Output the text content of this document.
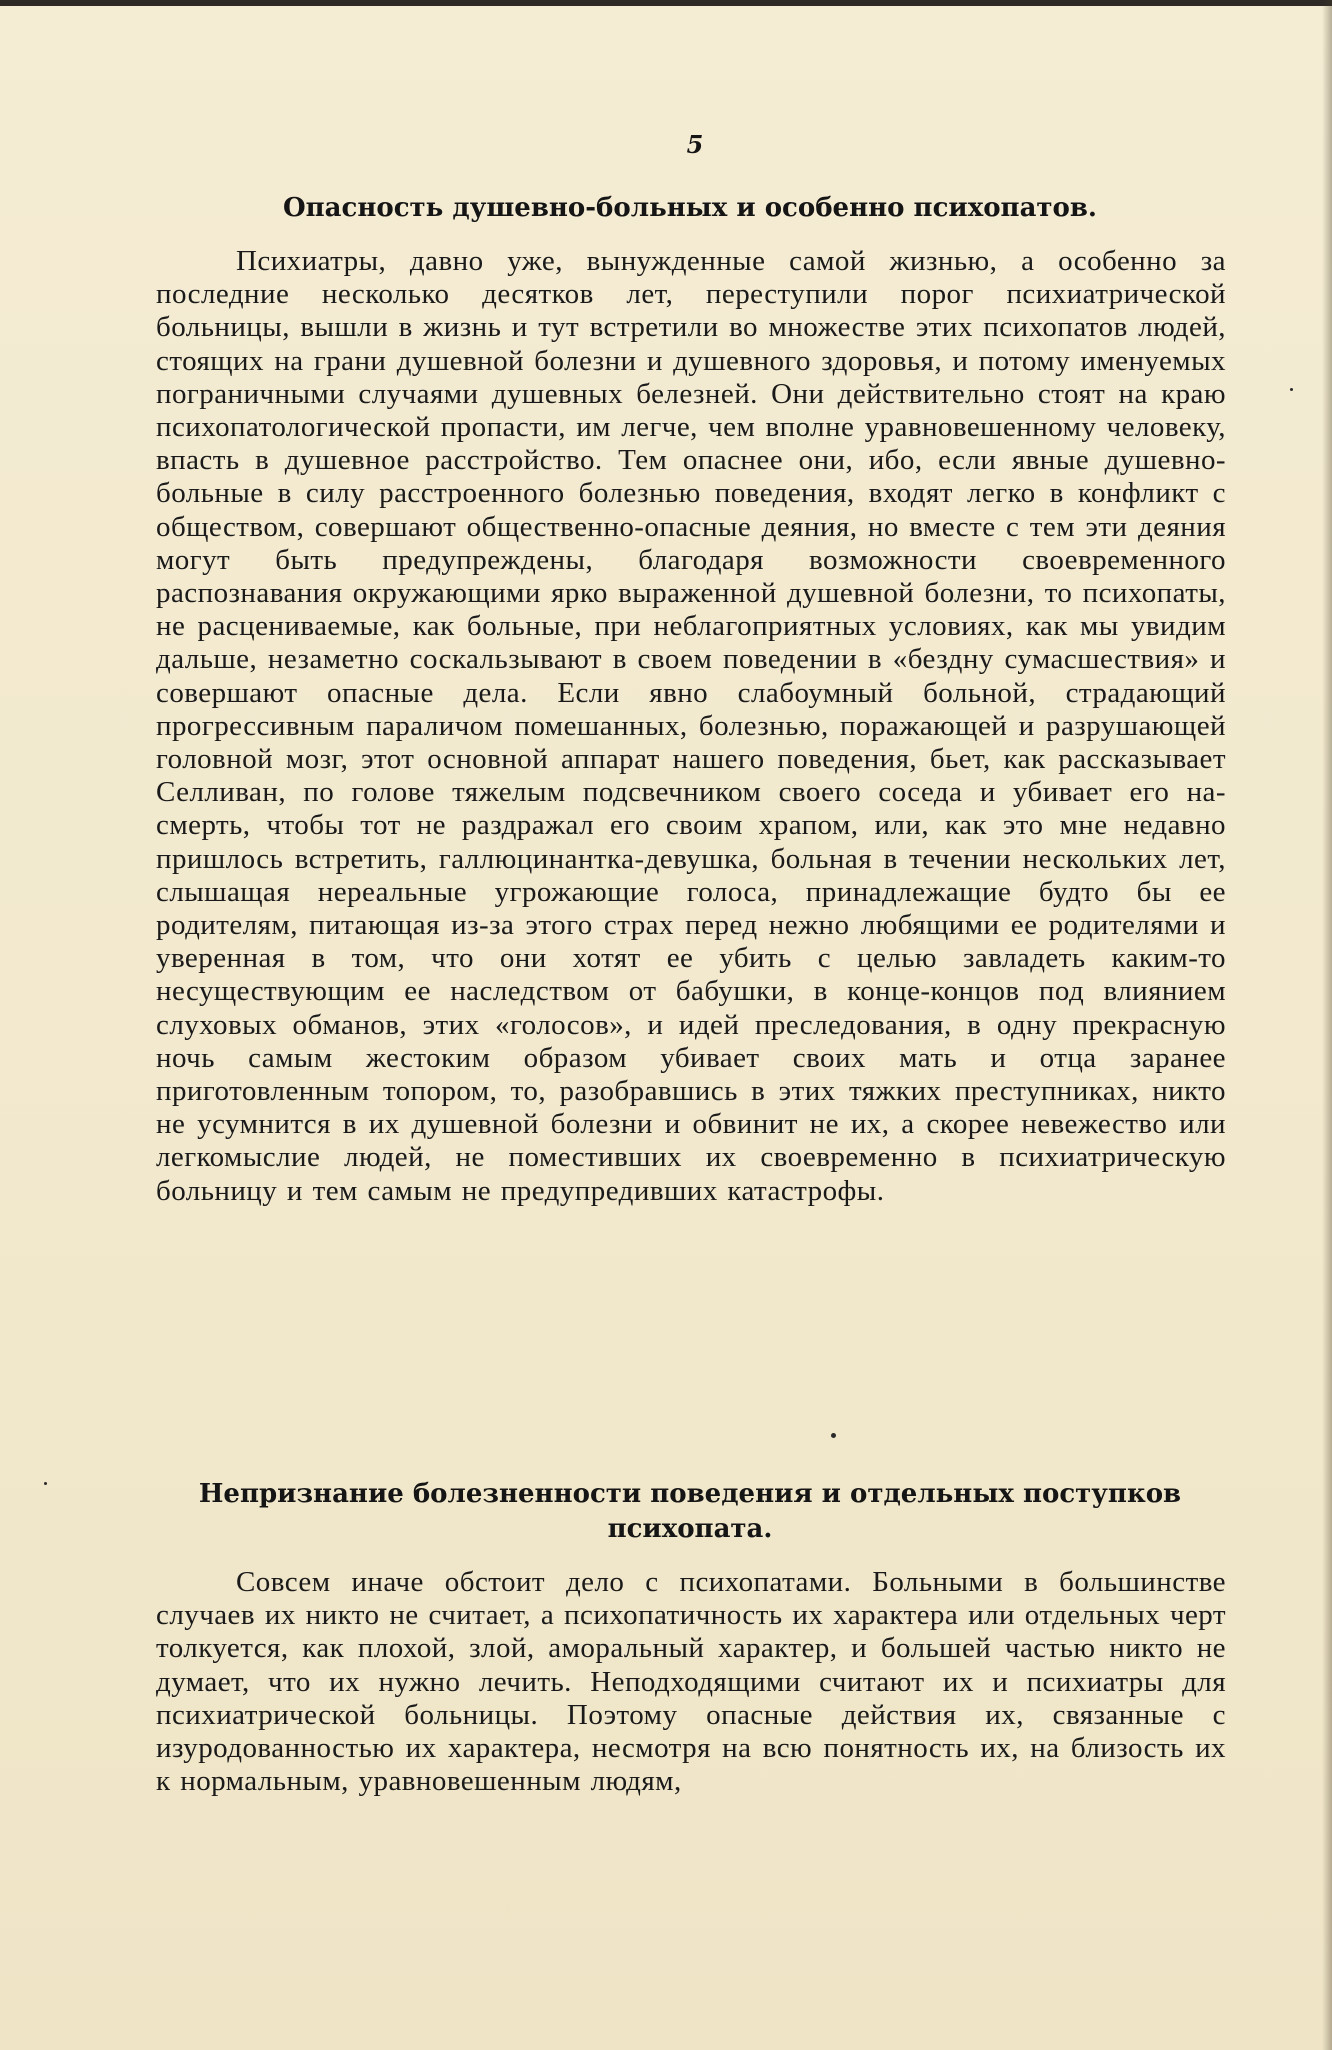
5
Опасность душевно-больных и особенно психопатов.

Психиатры, давно уже, вынужденные самой жизнью, а особенно за последние несколько десятков лет, переступили порог психиатрической больницы, вышли в жизнь и тут встретили во множестве этих психопатов людей, стоящих на грани душевной болезни и душевного здоровья, и потому именуемых пограничными случаями душевных белезней. Они действительно стоят на краю психопатологической пропасти, им легче, чем вполне уравновешенному человеку, впасть в душевное расстройство. Тем опаснее они, ибо, если явные душевно-больные в силу расстроенного болезнью поведения, входят легко в конфликт с обществом, совершают общественно-опасные деяния, но вместе с тем эти деяния могут быть предупреждены, благодаря возможности своевременного распознавания окружающими ярко выраженной душевной болезни, то психопаты, не расцениваемые, как больные, при неблагоприятных условиях, как мы увидим дальше, незаметно соскальзывают в своем поведении в «бездну сумасшествия» и совершают опасные дела. Если явно слабоумный больной, страдающий прогрессивным параличом помешанных, болезнью, поражающей и разрушающей головной мозг, этот основной аппарат нашего поведения, бьет, как рассказывает Селливан, по голове тяжелым подсвечником своего соседа и убивает его на-смерть, чтобы тот не раздражал его своим храпом, или, как это мне недавно пришлось встретить, галлюцинантка-девушка, больная в течении нескольких лет, слышащая нереальные угрожающие голоса, принадлежащие будто бы ее родителям, питающая из-за этого страх перед нежно любящими ее родителями и уверенная в том, что они хотят ее убить с целью завладеть каким-то несуществующим ее наследством от бабушки, в конце-концов под влиянием слуховых обманов, этих «голосов», и идей преследования, в одну прекрасную ночь самым жестоким образом убивает своих мать и отца заранее приготовленным топором, то, разобравшись в этих тяжких преступниках, никто не усумнится в их душевной болезни и обвинит не их, а скорее невежество или легкомыслие людей, не поместивших их своевременно в психиатрическую больницу и тем самым не предупредивших катастрофы.

Непризнание болезненности поведения и отдельных поступков психопата.

Совсем иначе обстоит дело с психопатами. Больными в большинстве случаев их никто не считает, а психопатичность их характера или отдельных черт толкуется, как плохой, злой, аморальный характер, и большей частью никто не думает, что их нужно лечить. Неподходящими считают их и психиатры для психиатрической больницы. Поэтому опасные действия их, связанные с изуродованностью их характера, несмотря на всю понятность их, на близость их к нормальным, уравновешенным людям,
